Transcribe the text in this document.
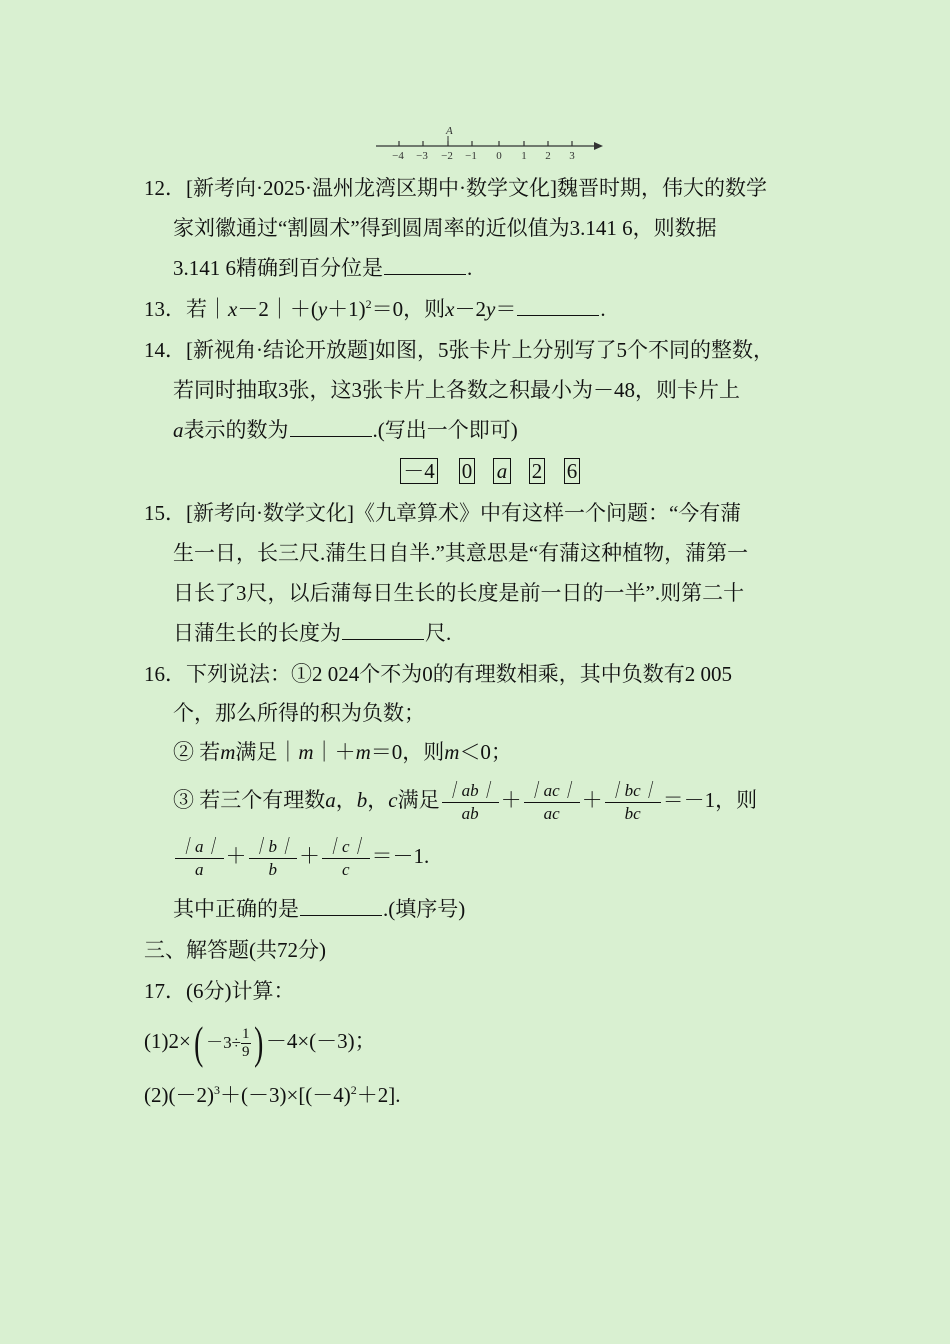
A
−4 −3 −2 −1 0 1 2 3
12．[新考向·2025·温州龙湾区期中·数学文化]魏晋时期，伟大的数学
家刘徽通过“割圆术”得到圆周率的近似值为3.141 6，则数据
3.141 6精确到百分位是	.
13．若$|x-2|+(y+1)^2=0$，则x－2y＝	.
14．[新视角·结论开放题]如图，5张卡片上分别写了5个不同的整数，
若同时抽取3张，这3张卡片上各数之积最小为－48，则卡片上
a表示的数为	.(写出一个即可)
－4 0 a 2 6
15．[新考向·数学文化]《九章算术》中有这样一个问题：“今有蒲
生一日，长三尺.蒲生日自半.”其意思是“有蒲这种植物，蒲第一
日长了3尺，以后蒲每日生长的长度是前一日的一半”.则第二十
日蒲生长的长度为	尺.
16．下列说法：①2 024个不为0的有理数相乘，其中负数有2 005
个，那么所得的积为负数；
② 若m满足｜m｜＋m＝0，则m＜0；
③ 若三个有理数a，b，c满足 $\frac{|ab|}{ab} + \frac{|ac|}{ac} + \frac{|bc|}{bc} =-1$，则
$\frac{|a|}{a} + \frac{|b|}{b} + \frac{|c|}{c} =-1$.
其中正确的是	.(填序号)
三、解答题(共72分)
17．(6分)计算：
$(1)2\times( -3\div \frac{1}{9}$ ) －4×(－3)；
$(2)(-2)^3+(-3)\times[(-4)^2+2]$.
